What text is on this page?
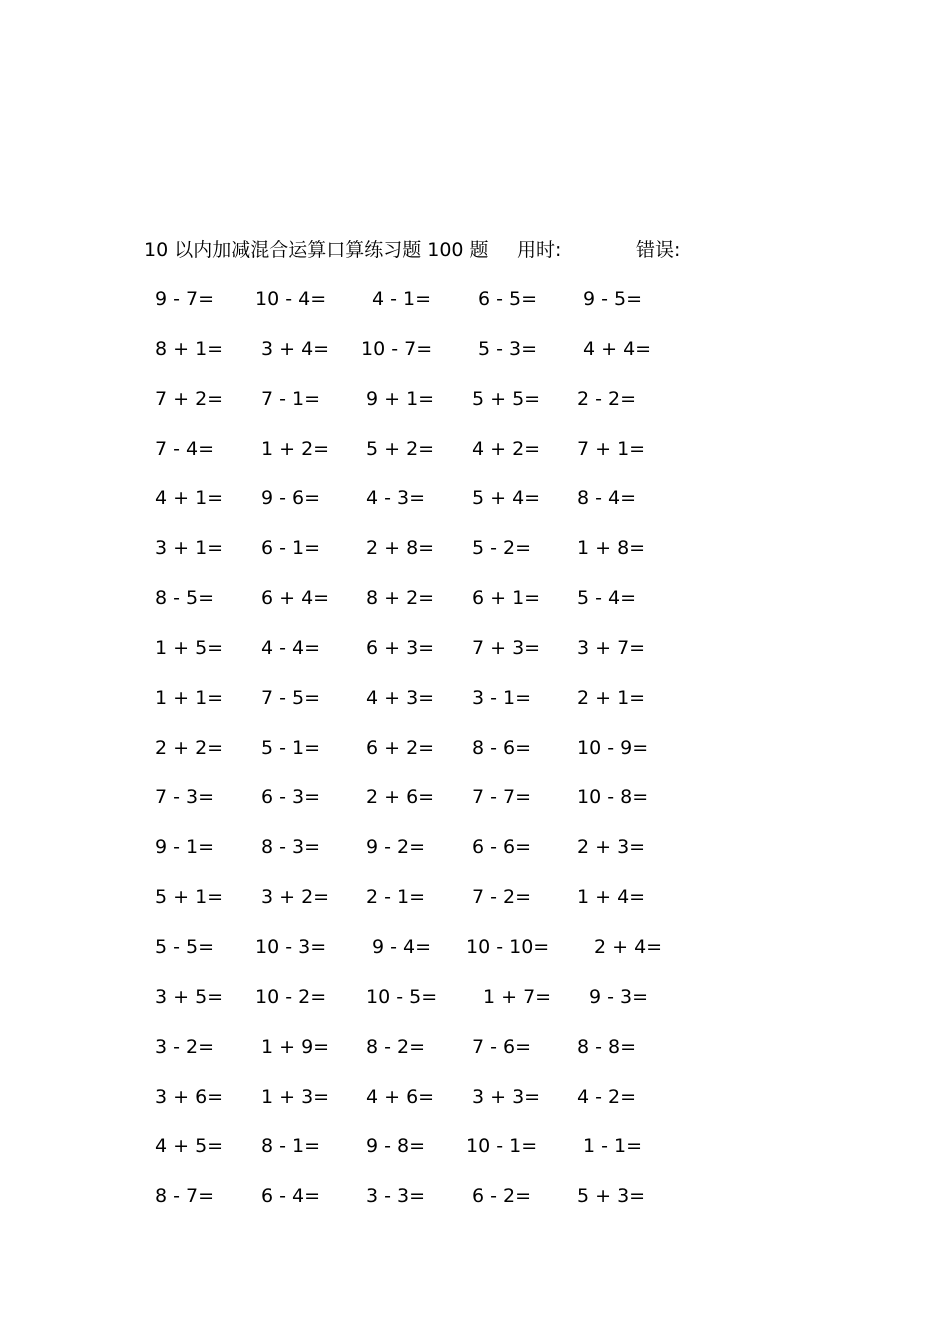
10 以内加减混合运算口算练习题 100 题 用时:	错误:
9 - 7= 10 - 4= 4 - 1= 6 - 5= 9 - 5=
8 + 1= 3 + 4= 10 - 7= 5 - 3= 4 + 4=
7 + 2= 7 - 1= 9 + 1= 5 + 5= 2 - 2=
7 - 4= 1 + 2= 5 + 2= 4 + 2= 7 + 1=
4 + 1= 9 - 6= 4 - 3= 5 + 4= 8 - 4=
3 + 1= 6 - 1= 2 + 8= 5 - 2= 1 + 8=
8 - 5= 6 + 4= 8 + 2= 6 + 1= 5 - 4=
1 + 5= 4 - 4= 6 + 3= 7 + 3= 3 + 7=
1 + 1= 7 - 5= 4 + 3= 3 - 1= 2 + 1=
2 + 2= 5 - 1= 6 + 2= 8 - 6= 10 - 9=
7 - 3= 6 - 3= 2 + 6= 7 - 7= 10 - 8=
9 - 1= 8 - 3= 9 - 2= 6 - 6= 2 + 3=
5 + 1= 3 + 2= 2 - 1= 7 - 2= 1 + 4=
5 - 5= 10 - 3= 9 - 4= 10 - 10= 2 + 4=
3 + 5= 10 - 2= 10 - 5= 1 + 7= 9 - 3=
3 - 2= 1 + 9= 8 - 2= 7 - 6= 8 - 8=
3 + 6= 1 + 3= 4 + 6= 3 + 3= 4 - 2=
4 + 5= 8 - 1= 9 - 8= 10 - 1= 1 - 1=
8 - 7= 6 - 4= 3 - 3= 6 - 2= 5 + 3=
